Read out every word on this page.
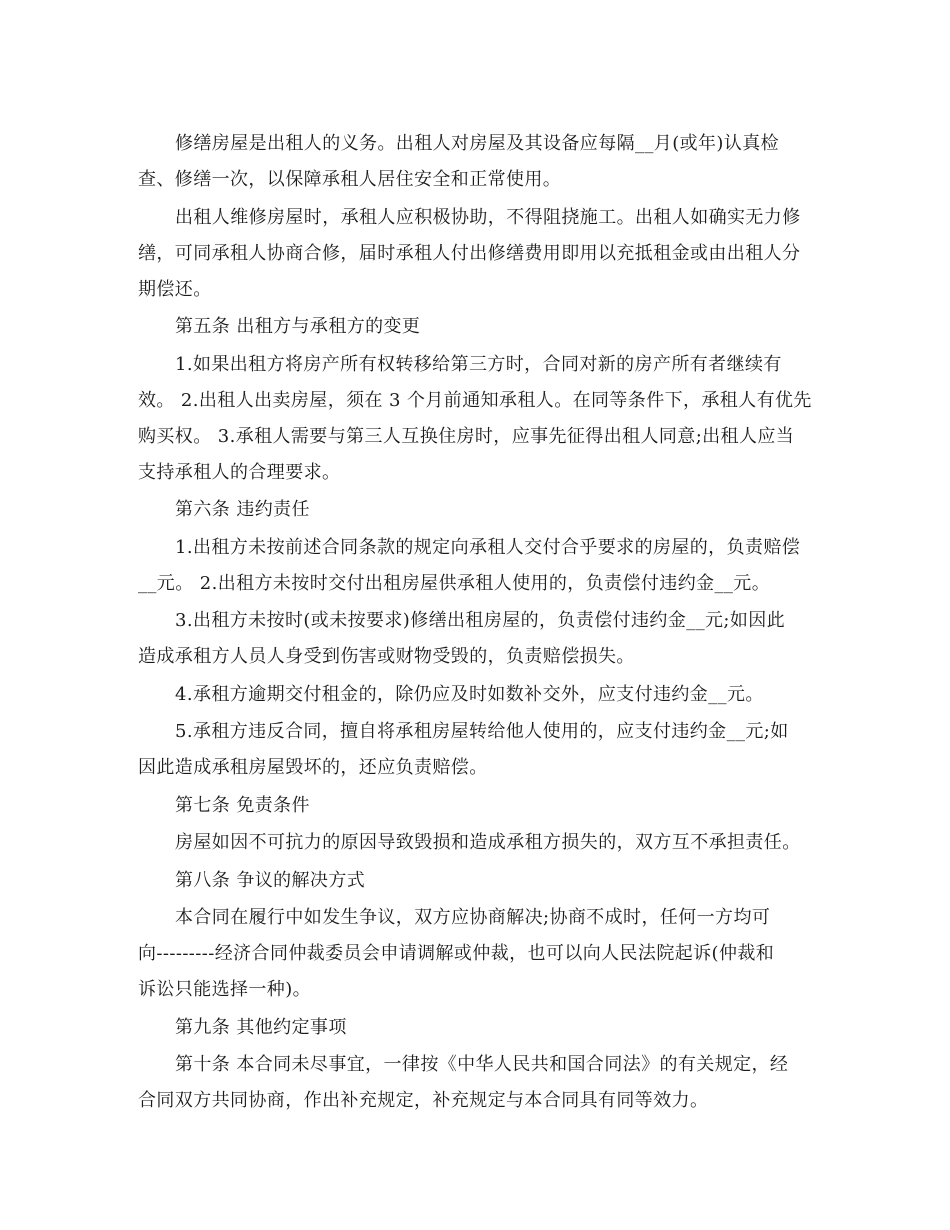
修缮房屋是出租人的义务。出租人对房屋及其设备应每隔__月(或年)认真检
查、修缮一次，以保障承租人居住安全和正常使用。
出租人维修房屋时，承租人应积极协助，不得阻挠施工。出租人如确实无力修
缮，可同承租人协商合修，届时承租人付出修缮费用即用以充抵租金或由出租人分
期偿还。
第五条 出租方与承租方的变更
1.如果出租方将房产所有权转移给第三方时，合同对新的房产所有者继续有
效。 2.出租人出卖房屋，须在 3 个月前通知承租人。在同等条件下，承租人有优先
购买权。 3.承租人需要与第三人互换住房时，应事先征得出租人同意;出租人应当
支持承租人的合理要求。
第六条 违约责任
1.出租方未按前述合同条款的规定向承租人交付合乎要求的房屋的，负责赔偿
__元。 2.出租方未按时交付出租房屋供承租人使用的，负责偿付违约金__元。
3.出租方未按时(或未按要求)修缮出租房屋的，负责偿付违约金__元;如因此
造成承租方人员人身受到伤害或财物受毁的，负责赔偿损失。
4.承租方逾期交付租金的，除仍应及时如数补交外，应支付违约金__元。
5.承租方违反合同，擅自将承租房屋转给他人使用的，应支付违约金__元;如
因此造成承租房屋毁坏的，还应负责赔偿。
第七条 免责条件
房屋如因不可抗力的原因导致毁损和造成承租方损失的，双方互不承担责任。
第八条 争议的解决方式
本合同在履行中如发生争议，双方应协商解决;协商不成时，任何一方均可
向---------经济合同仲裁委员会申请调解或仲裁，也可以向人民法院起诉(仲裁和
诉讼只能选择一种)。
第九条 其他约定事项
第十条 本合同未尽事宜，一律按《中华人民共和国合同法》的有关规定，经
合同双方共同协商，作出补充规定，补充规定与本合同具有同等效力。
